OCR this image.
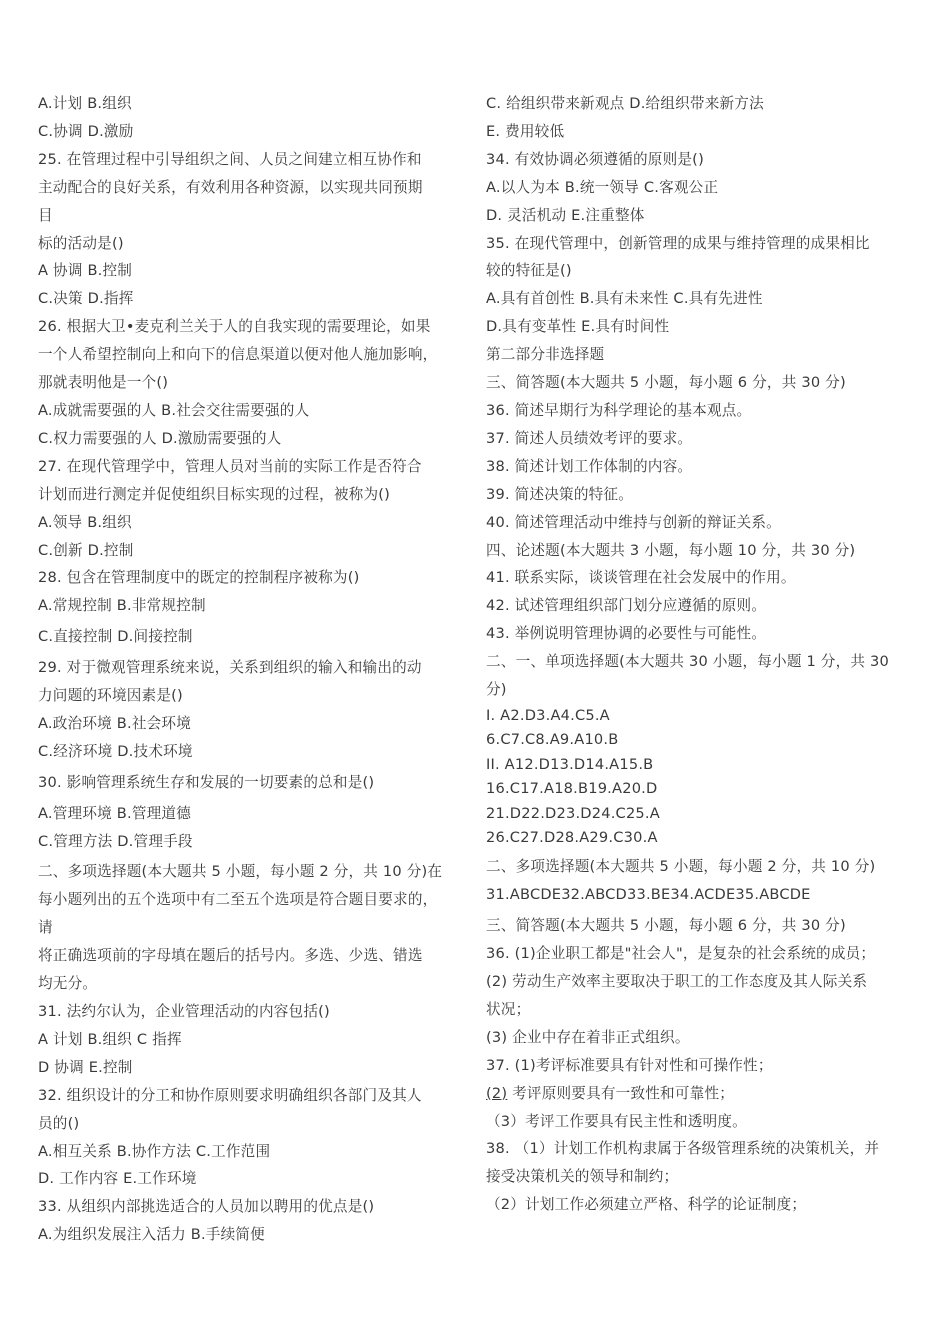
A.计划 B.组织
C.协调 D.激励
25. 在管理过程中引导组织之间、人员之间建立相互协作和
主动配合的良好关系，有效利用各种资源，以实现共同预期
目
标的活动是()
A 协调 B.控制
C.决策 D.指挥
26. 根据大卫•麦克利兰关于人的自我实现的需要理论，如果
一个人希望控制向上和向下的信息渠道以便对他人施加影响，
那就表明他是一个()
A.成就需要强的人 B.社会交往需要强的人
C.权力需要强的人 D.激励需要强的人
27. 在现代管理学中，管理人员对当前的实际工作是否符合
计划而进行测定并促使组织目标实现的过程，被称为()
A.领导 B.组织
C.创新 D.控制
28. 包含在管理制度中的既定的控制程序被称为()
A.常规控制 B.非常规控制
C.直接控制 D.间接控制
29. 对于微观管理系统来说，关系到组织的输入和输出的动
力问题的环境因素是()
A.政治环境 B.社会环境
C.经济环境 D.技术环境
30. 影响管理系统生存和发展的一切要素的总和是()
A.管理环境 B.管理道德
C.管理方法 D.管理手段
二、多项选择题(本大题共 5 小题，每小题 2 分，共 10 分)在
每小题列出的五个选项中有二至五个选项是符合题目要求的，
请
将正确选项前的字母填在题后的括号内。多选、少选、错选
均无分。
31. 法约尔认为，企业管理活动的内容包括()
A 计划 B.组织 C 指挥
D 协调 E.控制
32. 组织设计的分工和协作原则要求明确组织各部门及其人
员的()
A.相互关系 B.协作方法 C.工作范围
D. 工作内容 E.工作环境
33. 从组织内部挑选适合的人员加以聘用的优点是()
A.为组织发展注入活力 B.手续简便
C. 给组织带来新观点 D.给组织带来新方法
E. 费用较低
34. 有效协调必须遵循的原则是()
A.以人为本 B.统一领导 C.客观公正
D. 灵活机动 E.注重整体
35. 在现代管理中，创新管理的成果与维持管理的成果相比
较的特征是()
A.具有首创性 B.具有未来性 C.具有先进性
D.具有变革性 E.具有时间性
第二部分非选择题
三、简答题(本大题共 5 小题，每小题 6 分，共 30 分)
36. 简述早期行为科学理论的基本观点。
37. 简述人员绩效考评的要求。
38. 简述计划工作体制的内容。
39. 简述决策的特征。
40. 简述管理活动中维持与创新的辩证关系。
四、论述题(本大题共 3 小题，每小题 10 分，共 30 分)
41. 联系实际，谈谈管理在社会发展中的作用。
42. 试述管理组织部门划分应遵循的原则。
43. 举例说明管理协调的必要性与可能性。
二、一、单项选择题(本大题共 30 小题，每小题 1 分，共 30
分)
I. A2.D3.A4.C5.A
6.C7.C8.A9.A10.B
II. A12.D13.D14.A15.B
16.C17.A18.B19.A20.D
21.D22.D23.D24.C25.A
26.C27.D28.A29.C30.A
二、多项选择题(本大题共 5 小题，每小题 2 分，共 10 分)
31.ABCDE32.ABCD33.BE34.ACDE35.ABCDE
三、简答题(本大题共 5 小题，每小题 6 分，共 30 分)
36. (1)企业职工都是"社会人"，是复杂的社会系统的成员；
(2) 劳动生产效率主要取决于职工的工作态度及其人际关系
状况；
(3) 企业中存在着非正式组织。
37. (1)考评标准要具有针对性和可操作性；
(2) 考评原则要具有一致性和可靠性；
（3）考评工作要具有民主性和透明度。
38. （1）计划工作机构隶属于各级管理系统的决策机关，并
接受决策机关的领导和制约；
（2）计划工作必须建立严格、科学的论证制度；
